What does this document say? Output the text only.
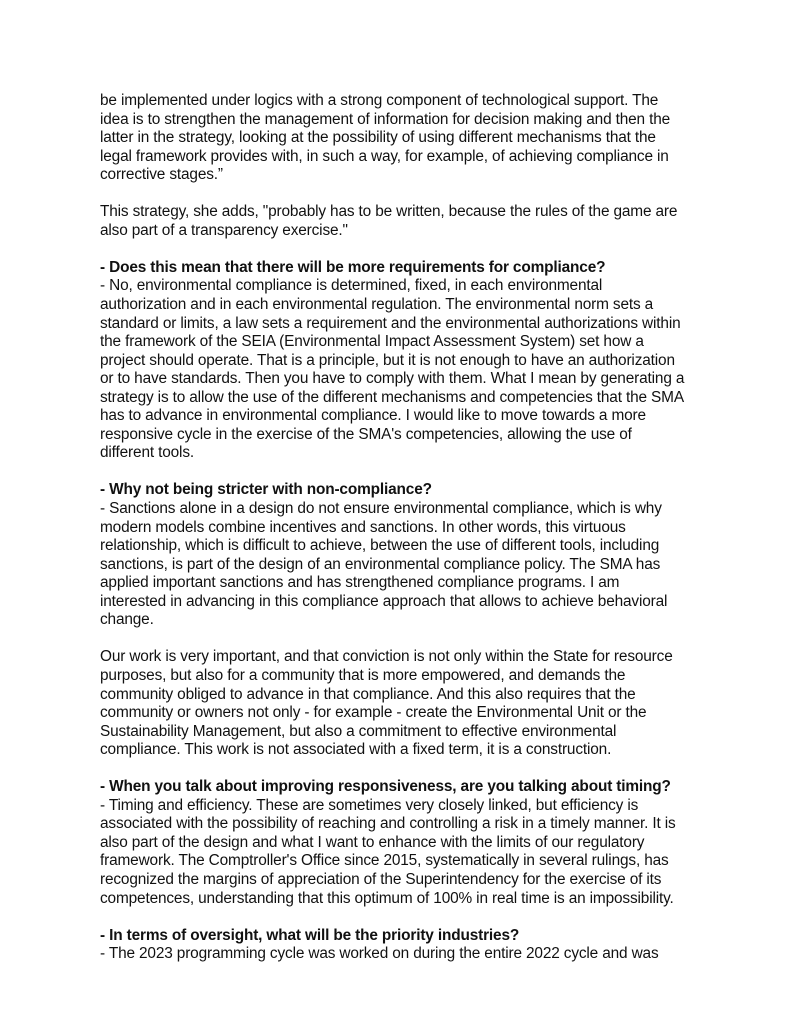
be implemented under logics with a strong component of technological support. The
idea is to strengthen the management of information for decision making and then the
latter in the strategy, looking at the possibility of using different mechanisms that the
legal framework provides with, in such a way, for example, of achieving compliance in
corrective stages.”

This strategy, she adds, "probably has to be written, because the rules of the game are
also part of a transparency exercise."

- Does this mean that there will be more requirements for compliance?
- No, environmental compliance is determined, fixed, in each environmental
authorization and in each environmental regulation. The environmental norm sets a
standard or limits, a law sets a requirement and the environmental authorizations within
the framework of the SEIA (Environmental Impact Assessment System) set how a
project should operate. That is a principle, but it is not enough to have an authorization
or to have standards. Then you have to comply with them. What I mean by generating a
strategy is to allow the use of the different mechanisms and competencies that the SMA
has to advance in environmental compliance. I would like to move towards a more
responsive cycle in the exercise of the SMA's competencies, allowing the use of
different tools.
- Why not being stricter with non-compliance?
- Sanctions alone in a design do not ensure environmental compliance, which is why
modern models combine incentives and sanctions. In other words, this virtuous
relationship, which is difficult to achieve, between the use of different tools, including
sanctions, is part of the design of an environmental compliance policy. The SMA has
applied important sanctions and has strengthened compliance programs. I am
interested in advancing in this compliance approach that allows to achieve behavioral
change.

Our work is very important, and that conviction is not only within the State for resource
purposes, but also for a community that is more empowered, and demands the
community obliged to advance in that compliance. And this also requires that the
community or owners not only - for example - create the Environmental Unit or the
Sustainability Management, but also a commitment to effective environmental
compliance. This work is not associated with a fixed term, it is a construction.

- When you talk about improving responsiveness, are you talking about timing?
- Timing and efficiency. These are sometimes very closely linked, but efficiency is
associated with the possibility of reaching and controlling a risk in a timely manner. It is
also part of the design and what I want to enhance with the limits of our regulatory
framework. The Comptroller's Office since 2015, systematically in several rulings, has
recognized the margins of appreciation of the Superintendency for the exercise of its
competences, understanding that this optimum of 100% in real time is an impossibility.
- In terms of oversight, what will be the priority industries?
- The 2023 programming cycle was worked on during the entire 2022 cycle and was
